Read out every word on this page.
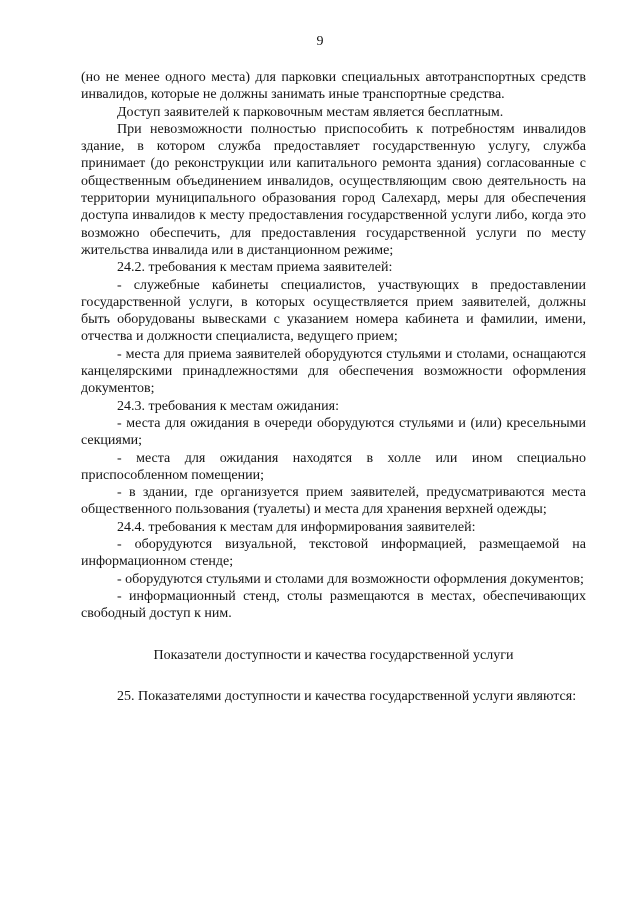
9

(но не менее одного места) для парковки специальных автотранспортных средств инвалидов, которые не должны занимать иные транспортные средства.

Доступ заявителей к парковочным местам является бесплатным.

При невозможности полностью приспособить к потребностям инвалидов здание, в котором служба предоставляет государственную услугу, служба принимает (до реконструкции или капитального ремонта здания) согласованные с общественным объединением инвалидов, осуществляющим свою деятельность на территории муниципального образования город Салехард, меры для обеспечения доступа инвалидов к месту предоставления государственной услуги либо, когда это возможно обеспечить, для предоставления государственной услуги по месту жительства инвалида или в дистанционном режиме;

24.2. требования к местам приема заявителей:

- служебные кабинеты специалистов, участвующих в предоставлении государственной услуги, в которых осуществляется прием заявителей, должны быть оборудованы вывесками с указанием номера кабинета и фамилии, имени, отчества и должности специалиста, ведущего прием;

- места для приема заявителей оборудуются стульями и столами, оснащаются канцелярскими принадлежностями для обеспечения возможности оформления документов;

24.3. требования к местам ожидания:

- места для ожидания в очереди оборудуются стульями и (или) кресельными секциями;

- места для ожидания находятся в холле или ином специально приспособленном помещении;

- в здании, где организуется прием заявителей, предусматриваются места общественного пользования (туалеты) и места для хранения верхней одежды;

24.4. требования к местам для информирования заявителей:

- оборудуются визуальной, текстовой информацией, размещаемой на информационном стенде;

- оборудуются стульями и столами для возможности оформления документов;

- информационный стенд, столы размещаются в местах, обеспечивающих свободный доступ к ним.

Показатели доступности и качества государственной услуги

25. Показателями доступности и качества государственной услуги являются:
